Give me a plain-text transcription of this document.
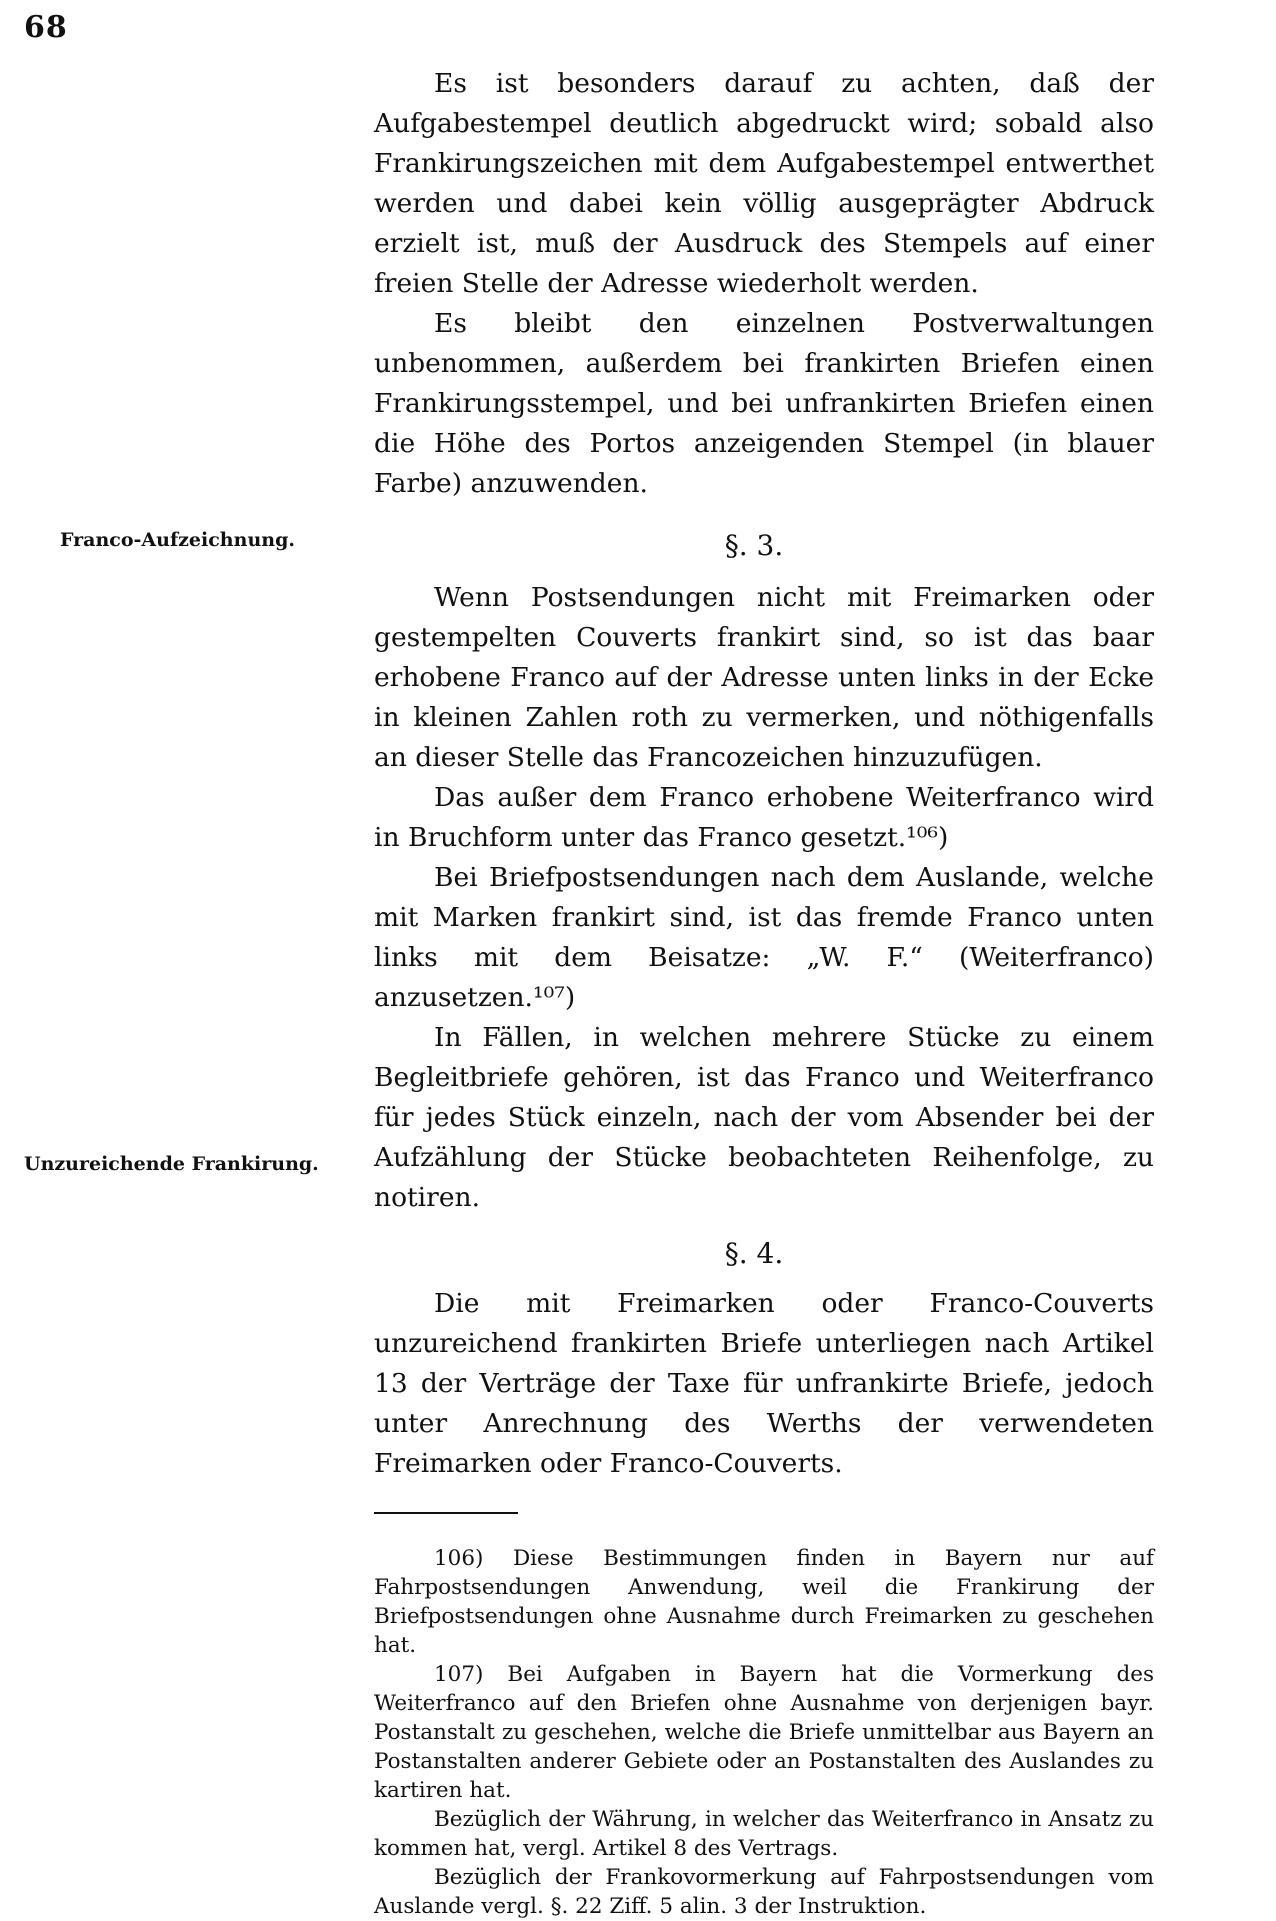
68
Franco-Aufzeichnung.
Unzureichende Frankirung.

Es ist besonders darauf zu achten, daß der Aufgabestempel deutlich abgedruckt wird; sobald also Frankirungszeichen mit dem Aufgabestempel entwerthet werden und dabei kein völlig ausgeprägter Abdruck erzielt ist, muß der Ausdruck des Stempels auf einer freien Stelle der Adresse wiederholt werden.

Es bleibt den einzelnen Postverwaltungen unbenommen, außerdem bei frankirten Briefen einen Frankirungsstempel, und bei unfrankirten Briefen einen die Höhe des Portos anzeigenden Stempel (in blauer Farbe) anzuwenden.

§. 3.

Wenn Postsendungen nicht mit Freimarken oder gestempelten Couverts frankirt sind, so ist das baar erhobene Franco auf der Adresse unten links in der Ecke in kleinen Zahlen roth zu vermerken, und nöthigenfalls an dieser Stelle das Francozeichen hinzuzufügen.

Das außer dem Franco erhobene Weiterfranco wird in Bruchform unter das Franco gesetzt.¹⁰⁶)

Bei Briefpostsendungen nach dem Auslande, welche mit Marken frankirt sind, ist das fremde Franco unten links mit dem Beisatze: „W. F.“ (Weiterfranco) anzusetzen.¹⁰⁷)

In Fällen, in welchen mehrere Stücke zu einem Begleitbriefe gehören, ist das Franco und Weiterfranco für jedes Stück einzeln, nach der vom Absender bei der Aufzählung der Stücke beobachteten Reihenfolge, zu notiren.

§. 4.

Die mit Freimarken oder Franco-Couverts unzureichend frankirten Briefe unterliegen nach Artikel 13 der Verträge der Taxe für unfrankirte Briefe, jedoch unter Anrechnung des Werths der verwendeten Freimarken oder Franco-Couverts.

106) Diese Bestimmungen finden in Bayern nur auf Fahrpostsendungen Anwendung, weil die Frankirung der Briefpostsendungen ohne Ausnahme durch Freimarken zu geschehen hat.

107) Bei Aufgaben in Bayern hat die Vormerkung des Weiterfranco auf den Briefen ohne Ausnahme von derjenigen bayr. Postanstalt zu geschehen, welche die Briefe unmittelbar aus Bayern an Postanstalten anderer Gebiete oder an Postanstalten des Auslandes zu kartiren hat.

Bezüglich der Währung, in welcher das Weiterfranco in Ansatz zu kommen hat, vergl. Artikel 8 des Vertrags.

Bezüglich der Frankovormerkung auf Fahrpostsendungen vom Auslande vergl. §. 22 Ziff. 5 alin. 3 der Instruktion.
